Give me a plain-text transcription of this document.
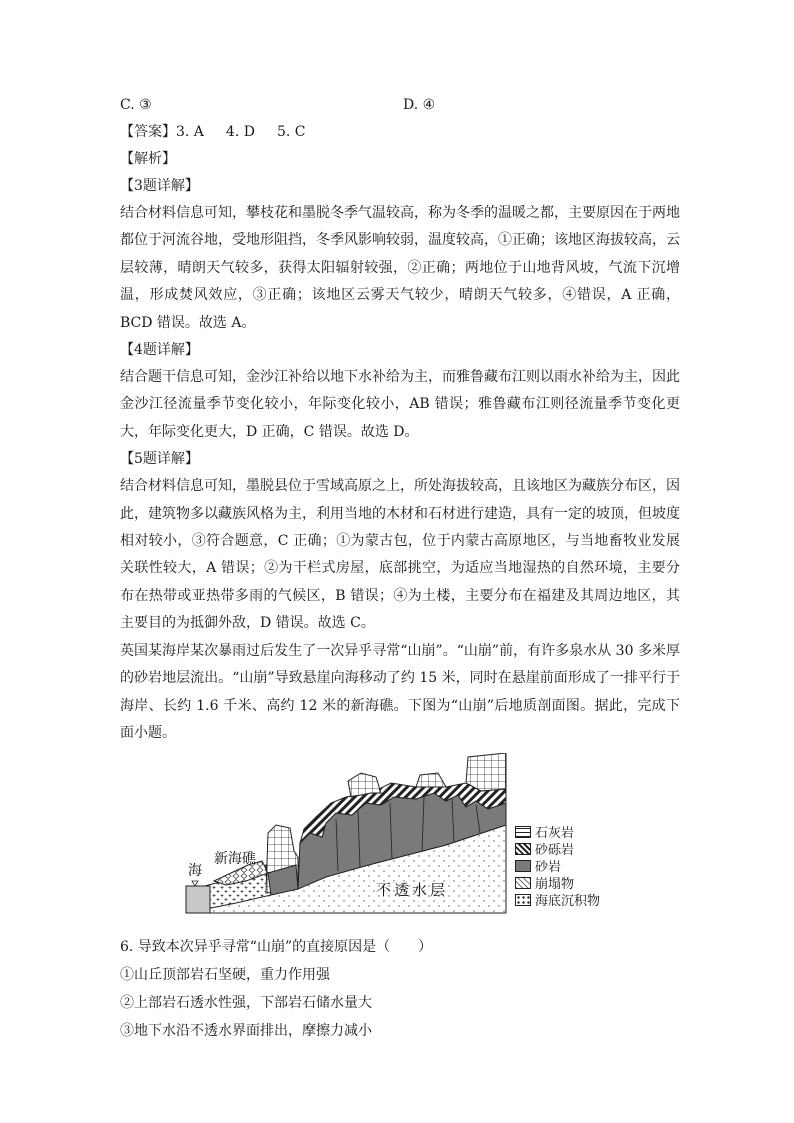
C. ③	D. ④
【答案】3. A 4. D 5. C
【解析】
【3题详解】
结合材料信息可知，攀枝花和墨脱冬季气温较高，称为冬季的温暖之都，主要原因在于两地都位于河流谷地，受地形阻挡，冬季风影响较弱，温度较高，①正确；该地区海拔较高，云层较薄，晴朗天气较多，获得太阳辐射较强，②正确；两地位于山地背风坡，气流下沉增温，形成焚风效应，③正确；该地区云雾天气较少，晴朗天气较多，④错误，A 正确，BCD 错误。故选 A。
【4题详解】
结合题干信息可知，金沙江补给以地下水补给为主，而雅鲁藏布江则以雨水补给为主，因此金沙江径流量季节变化较小，年际变化较小，AB 错误；雅鲁藏布江则径流量季节变化更大，年际变化更大，D 正确，C 错误。故选 D。
【5题详解】
结合材料信息可知，墨脱县位于雪域高原之上，所处海拔较高，且该地区为藏族分布区，因此，建筑物多以藏族风格为主，利用当地的木材和石材进行建造，具有一定的坡顶，但坡度相对较小，③符合题意，C 正确；①为蒙古包，位于内蒙古高原地区，与当地畜牧业发展关联性较大，A 错误；②为干栏式房屋，底部挑空，为适应当地湿热的自然环境，主要分布在热带或亚热带多雨的气候区，B 错误；④为土楼，主要分布在福建及其周边地区，其主要目的为抵御外敌，D 错误。故选 C。
英国某海岸某次暴雨过后发生了一次异乎寻常“山崩”。“山崩”前，有许多泉水从 30 多米厚的砂岩地层流出。“山崩”导致悬崖向海移动了约 15 米，同时在悬崖前面形成了一排平行于海岸、长约 1.6 千米、高约 12 米的新海礁。下图为“山崩”后地质剖面图。据此，完成下面小题。
海
新海礁
不透水层
石灰岩
砂砾岩
砂岩
崩塌物
海底沉积物
6. 导致本次异乎寻常“山崩”的直接原因是（　　）
①山丘顶部岩石坚硬，重力作用强
②上部岩石透水性强，下部岩石储水量大
③地下水沿不透水界面排出，摩擦力减小
